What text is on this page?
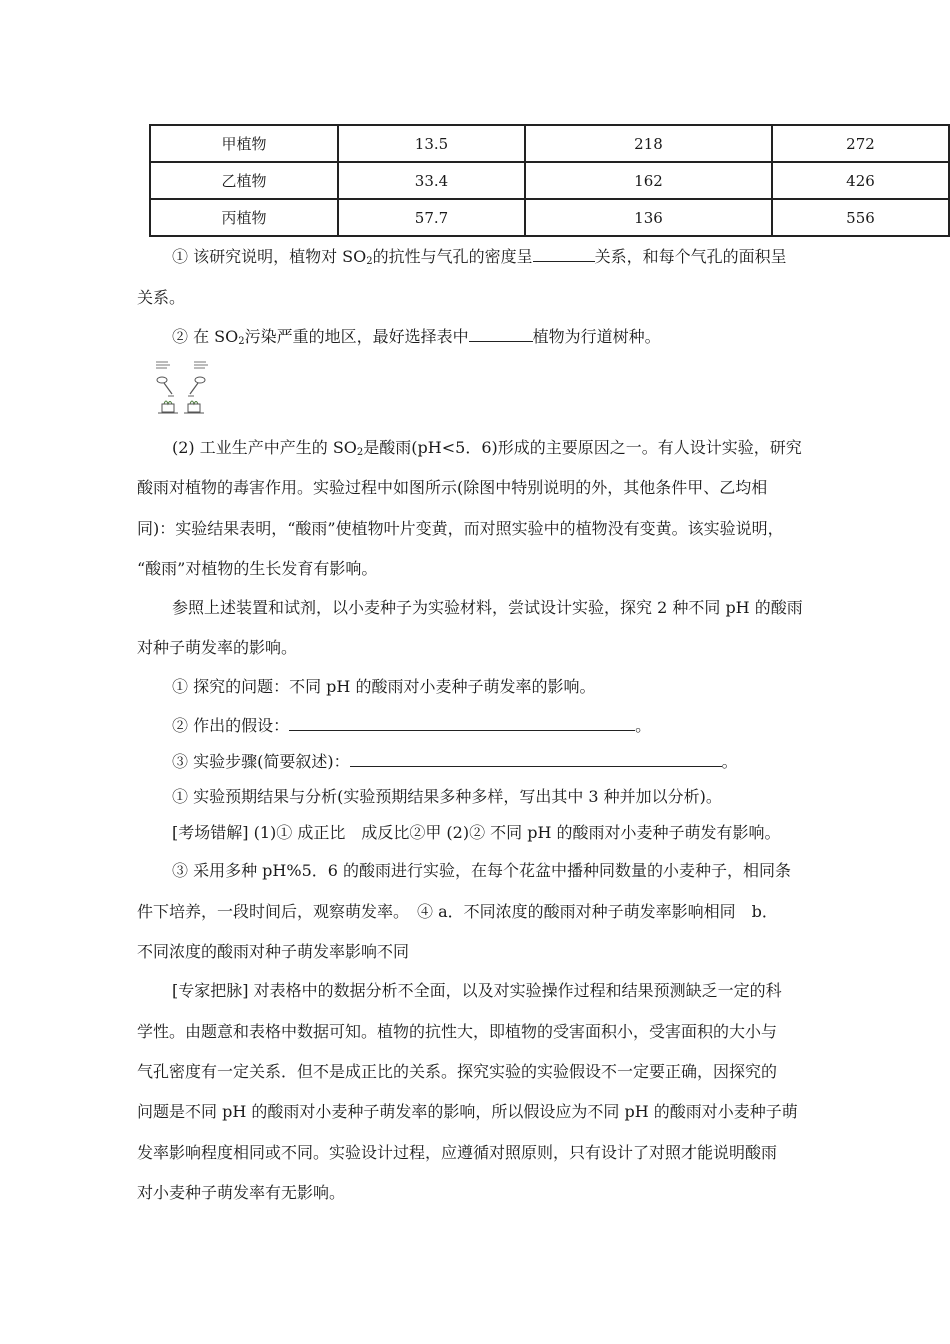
甲植物	13.5	218	272
乙植物	33.4	162	426
丙植物	57.7	136	556
① 该研究说明，植物对 $SO_2$的抗性与气孔的密度呈	关系，和每个气孔的面积呈
关系。
② 在 $SO_2$污染严重的地区，最好选择表中	植物为行道树种。
(2) 工业生产中产生的 $SO_2$是酸雨(pH<5．6)形成的主要原因之一。有人设计实验，研究
酸雨对植物的毒害作用。实验过程中如图所示(除图中特别说明的外，其他条件甲、乙均相
同)：实验结果表明，“酸雨”使植物叶片变黄，而对照实验中的植物没有变黄。该实验说明，
“酸雨”对植物的生长发育有影响。
参照上述装置和试剂，以小麦种子为实验材料，尝试设计实验，探究 2 种不同 pH 的酸雨
对种子萌发率的影响。
① 探究的问题：不同 pH 的酸雨对小麦种子萌发率的影响。
② 作出的假设：	。
③ 实验步骤(简要叙述)：	。
① 实验预期结果与分析(实验预期结果多种多样，写出其中 3 种并加以分析)。
[考场错解] (1)① 成正比　成反比②甲 (2)② 不同 pH 的酸雨对小麦种子萌发有影响。
③ 采用多种 pH%5．6 的酸雨进行实验，在每个花盆中播种同数量的小麦种子，相同条
件下培养，一段时间后，观察萌发率。　④ a．不同浓度的酸雨对种子萌发率影响相同　b．
不同浓度的酸雨对种子萌发率影响不同
[专家把脉] 对表格中的数据分析不全面，以及对实验操作过程和结果预测缺乏一定的科
学性。由题意和表格中数据可知。植物的抗性大，即植物的受害面积小，受害面积的大小与
气孔密度有一定关系．但不是成正比的关系。探究实验的实验假设不一定要正确，因探究的
问题是不同 pH 的酸雨对小麦种子萌发率的影响，所以假设应为不同 pH 的酸雨对小麦种子萌
发率影响程度相同或不同。实验设计过程，应遵循对照原则，只有设计了对照才能说明酸雨
对小麦种子萌发率有无影响。
